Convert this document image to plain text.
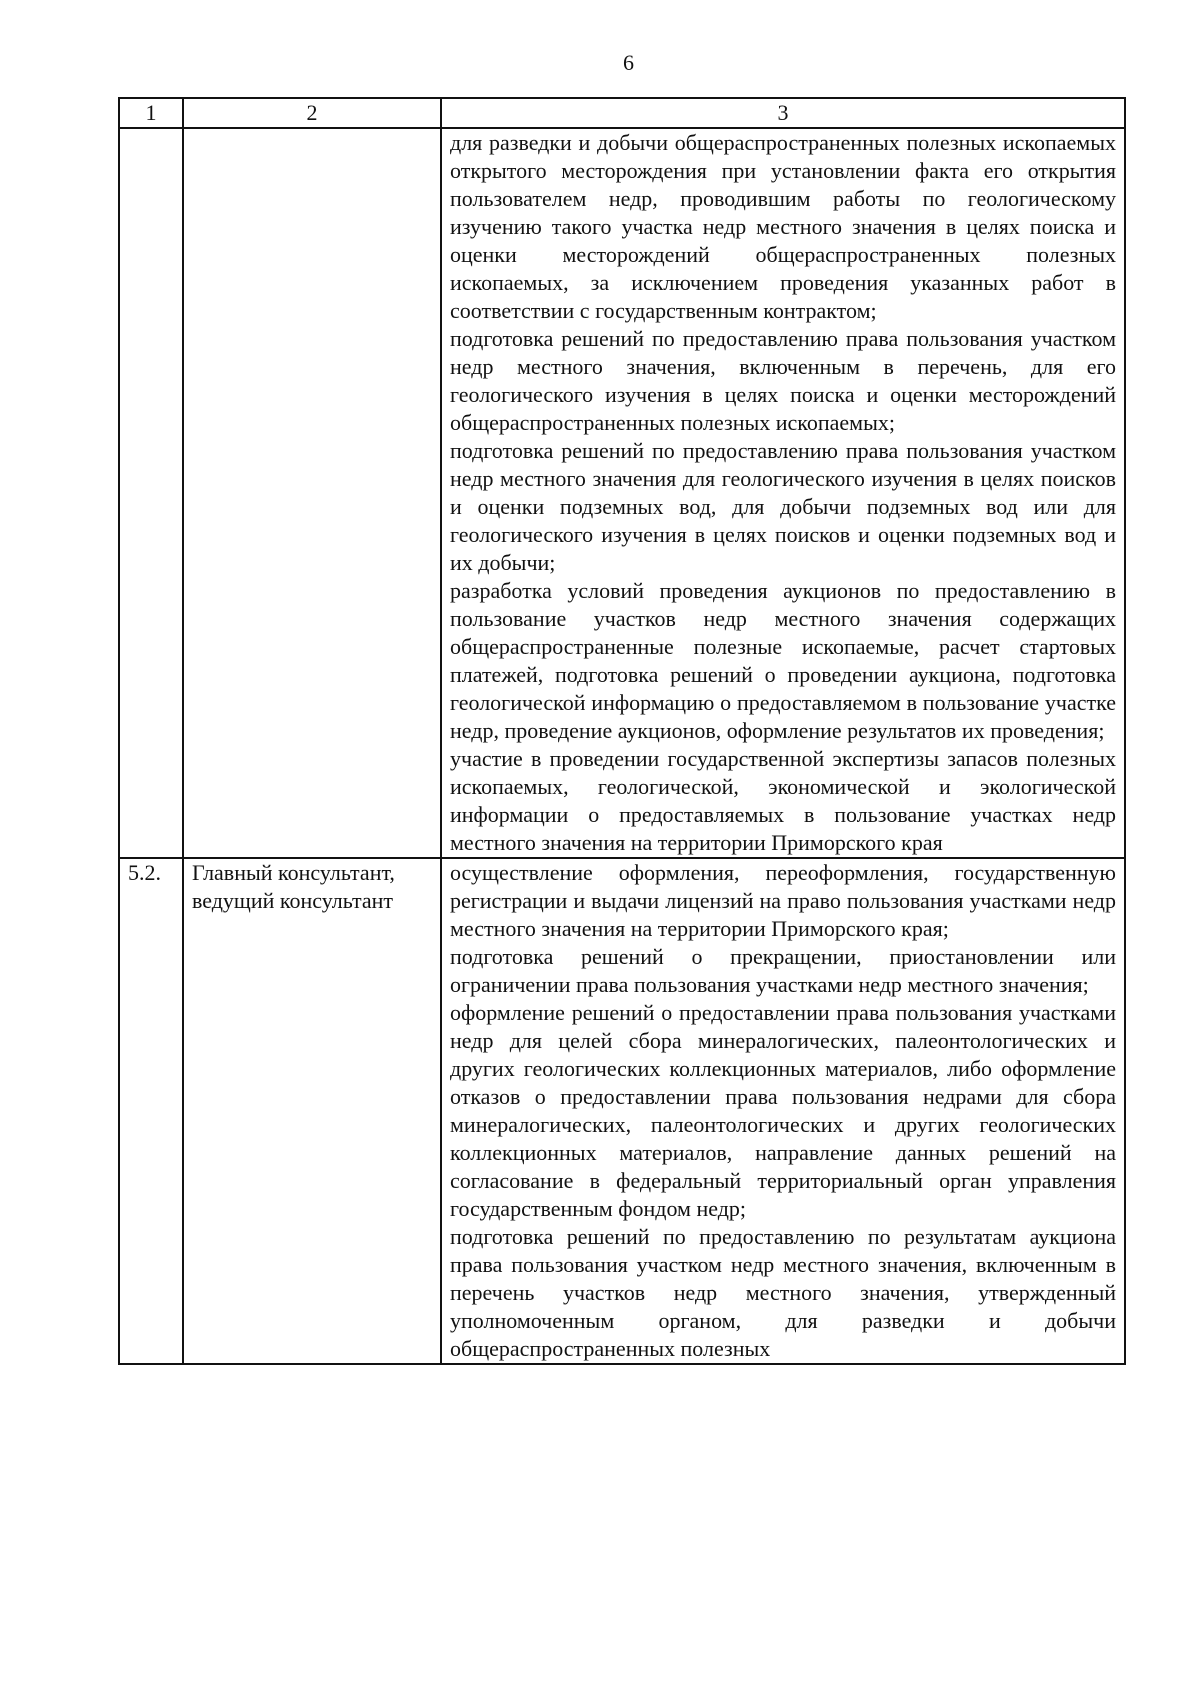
6
1	2	3

		для разведки и добычи общераспространенных полезных ископаемых открытого месторождения при установлении факта его открытия пользователем недр, проводившим работы по геологическому изучению такого участка недр местного значения в целях поиска и оценки месторождений общераспространенных полезных ископаемых, за исключением проведения указанных работ в соответствии с государственным контрактом;
подготовка решений по предоставлению права пользования участком недр местного значения, включенным в перечень, для его геологического изучения в целях поиска и оценки месторождений общераспространенных полезных ископаемых;
подготовка решений по предоставлению права пользования участком недр местного значения для геологического изучения в целях поисков и оценки подземных вод, для добычи подземных вод или для геологического изучения в целях поисков и оценки подземных вод и их добычи;
разработка условий проведения аукционов по предоставлению в пользование участков недр местного значения содержащих общераспространенные полезные ископаемые, расчет стартовых платежей, подготовка решений о проведении аукциона, подготовка геологической информацию о предоставляемом в пользование участке недр, проведение аукционов, оформление результатов их проведения;
участие в проведении государственной экспертизы запасов полезных ископаемых, геологической, экономической и экологической информации о предоставляемых в пользование участках недр местного значения на территории Приморского края

5.2.	Главный консультант, ведущий консультант	осуществление оформления, переоформления, государственную регистрации и выдачи лицензий на право пользования участками недр местного значения на территории Приморского края;
подготовка решений о прекращении, приостановлении или ограничении права пользования участками недр местного значения;
оформление решений о предоставлении права пользования участками недр для целей сбора минералогических, палеонтологических и других геологических коллекционных материалов, либо оформление отказов о предоставлении права пользования недрами для сбора минералогических, палеонтологических и других геологических коллекционных материалов, направление данных решений на согласование в федеральный территориальный орган управления государственным фондом недр;
подготовка решений по предоставлению по результатам аукциона права пользования участком недр местного значения, включенным в перечень участков недр местного значения, утвержденный уполномоченным органом, для разведки и добычи общераспространенных полезных
